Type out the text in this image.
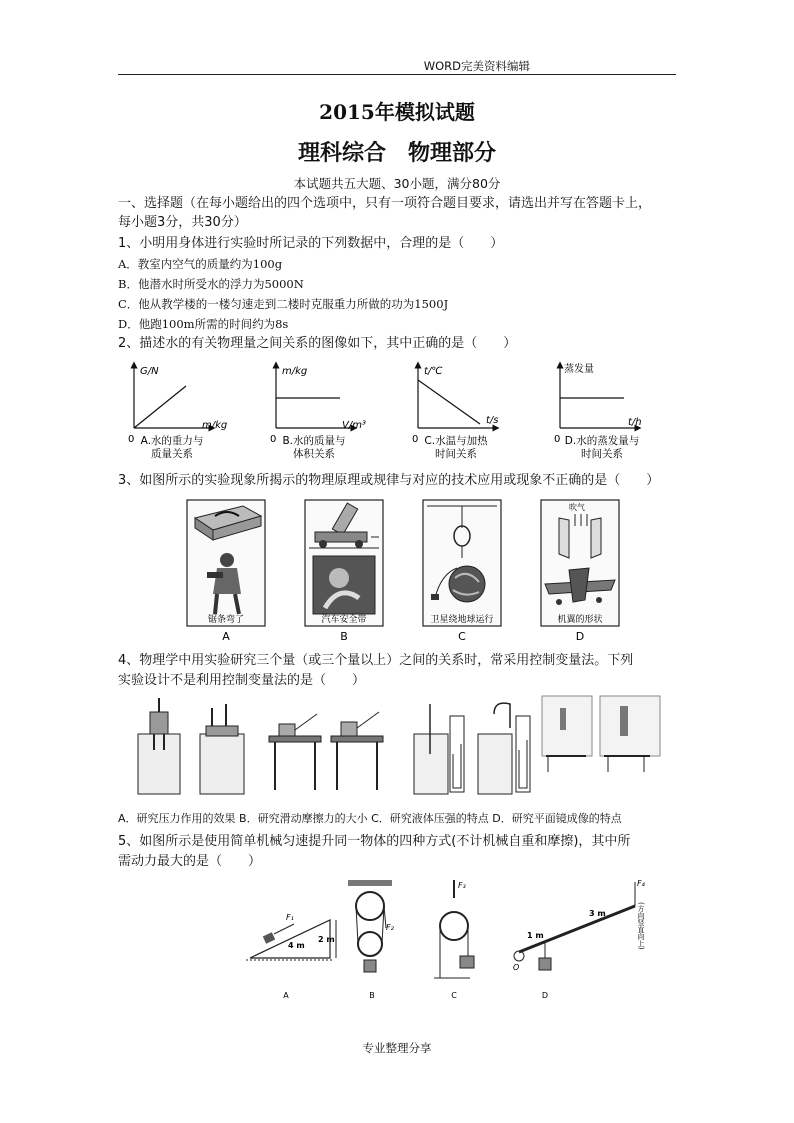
WORD完美资料编辑
2015年模拟试题
理科综合　物理部分
本试题共五大题、30小题，满分80分
一、选择题（在每小题给出的四个选项中，只有一项符合题目要求，请选出并写在答题卡上，
每小题3分，共30分）
1、小明用身体进行实验时所记录的下列数据中，合理的是（　　）
A．教室内空气的质量约为100g
B．他潜水时所受水的浮力为5000N
C．他从教学楼的一楼匀速走到二楼时克服重力所做的功为1500J
D．他跑100m所需的时间约为8s
2、描述水的有关物理量之间关系的图像如下，其中正确的是（　　）
G/N
m/kg
0 A.水的重力与
质量关系
m/kg
V/m³
0 B.水的质量与
体积关系
t/℃
t/s
0 C.水温与加热
时间关系
蒸发量
t/h
0 D.水的蒸发量与
时间关系
3、如图所示的实验现象所揭示的物理原理或规律与对应的技术应用或现象不正确的是（　　）
锯条弯了
A
汽车安全带
B
卫星绕地球运行
C
吹气
机翼的形状
D
4、物理学中用实验研究三个量（或三个量以上）之间的关系时，常采用控制变量法。下列
实验设计不是利用控制变量法的是（　　）
A．研究压力作用的效果 B．研究滑动摩擦力的大小 C．研究液体压强的特点 D．研究平面镜成像的特点
5、如图所示是使用简单机械匀速提升同一物体的四种方式(不计机械自重和摩擦)，其中所
需动力最大的是（　　）
F₁
4 m
2 m
A
F₂
B
F₃
C
O
F₄
1 m
3 m	(方向竖直向上)
D
专业整理分享
